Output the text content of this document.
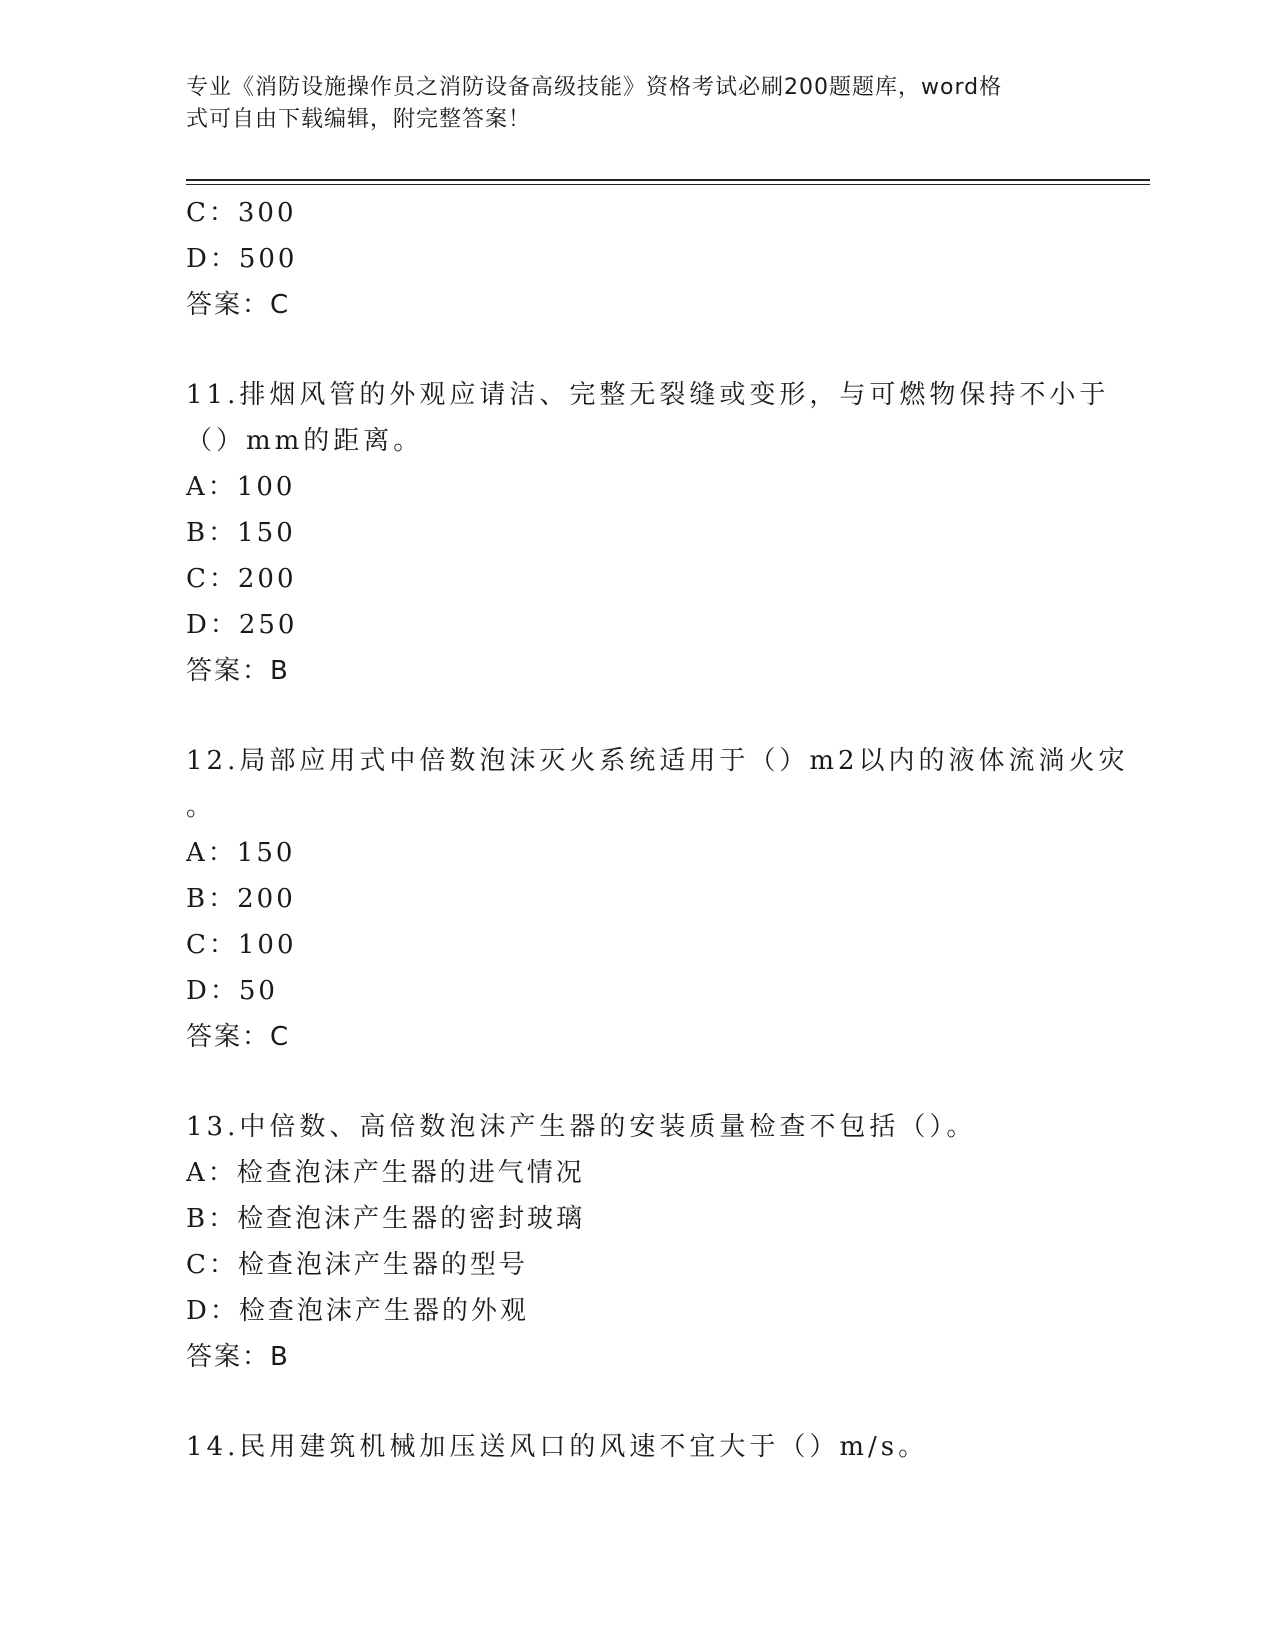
专业《消防设施操作员之消防设备高级技能》资格考试必刷200题题库，word格
式可自由下载编辑，附完整答案！
C：300
D：500
答案：C
11.排烟风管的外观应请洁、完整无裂缝或变形，与可燃物保持不小于
（）mm的距离。
A：100
B：150
C：200
D：250
答案：B
12.局部应用式中倍数泡沫灭火系统适用于（）m2以内的液体流淌火灾
。
A：150
B：200
C：100
D：50
答案：C
13.中倍数、高倍数泡沫产生器的安装质量检查不包括（）。
A：检查泡沫产生器的进气情况
B：检查泡沫产生器的密封玻璃
C：检查泡沫产生器的型号
D：检查泡沫产生器的外观
答案：B
14.民用建筑机械加压送风口的风速不宜大于（）m/s。
